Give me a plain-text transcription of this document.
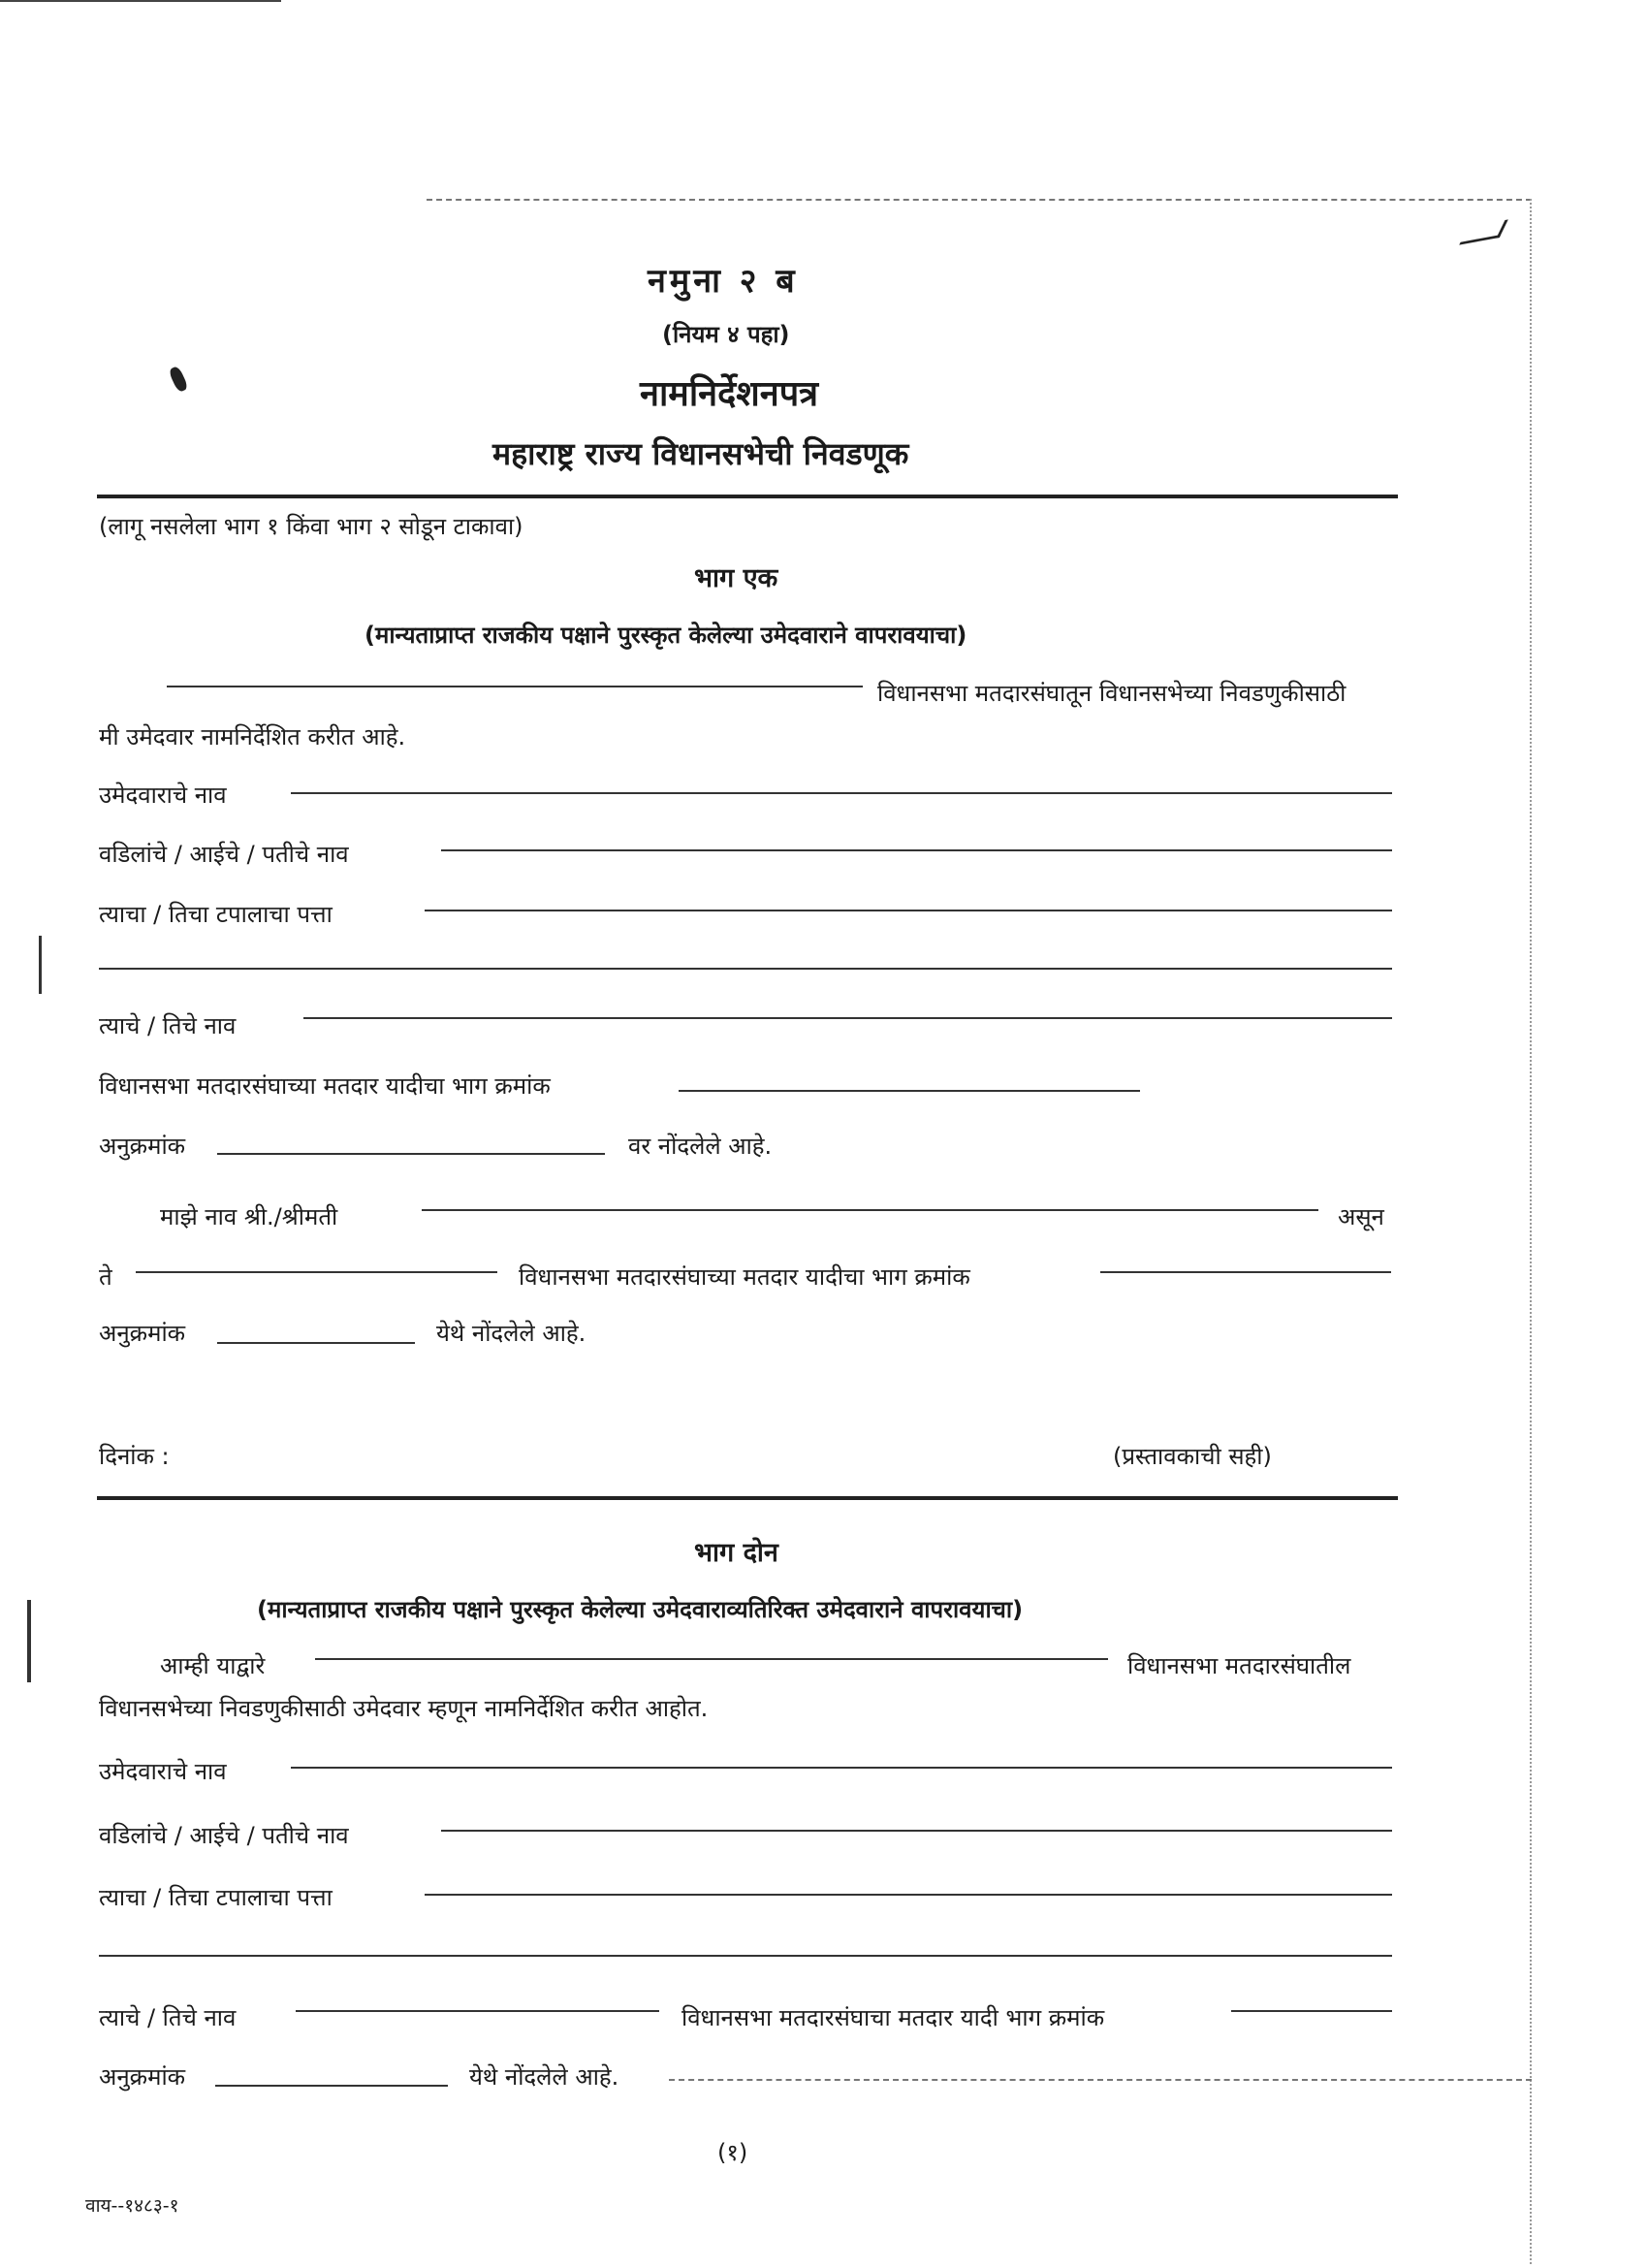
नमुना २ ब
(नियम ४ पहा)
नामनिर्देशनपत्र
महाराष्ट्र राज्य विधानसभेची निवडणूक
(लागू नसलेला भाग १ किंवा भाग २ सोडून टाकावा)
भाग एक
(मान्यताप्राप्त राजकीय पक्षाने पुरस्कृत केलेल्या उमेदवाराने वापरावयाचा)
विधानसभा मतदारसंघातून विधानसभेच्या निवडणुकीसाठी
मी उमेदवार नामनिर्देशित करीत आहे.
उमेदवाराचे नाव
वडिलांचे / आईचे / पतीचे नाव
त्याचा / तिचा टपालाचा पत्ता
त्याचे / तिचे नाव
विधानसभा मतदारसंघाच्या मतदार यादीचा भाग क्रमांक
अनुक्रमांक	वर नोंदलेले आहे.
माझे नाव श्री./श्रीमती	असून
ते	विधानसभा मतदारसंघाच्या मतदार यादीचा भाग क्रमांक
अनुक्रमांक	येथे नोंदलेले आहे.
दिनांक :	(प्रस्तावकाची सही)
भाग दोन
(मान्यताप्राप्त राजकीय पक्षाने पुरस्कृत केलेल्या उमेदवाराव्यतिरिक्त उमेदवाराने वापरावयाचा)
आम्ही याद्वारे	विधानसभा मतदारसंघातील
विधानसभेच्या निवडणुकीसाठी उमेदवार म्हणून नामनिर्देशित करीत आहोत.
उमेदवाराचे नाव
वडिलांचे / आईचे / पतीचे नाव
त्याचा / तिचा टपालाचा पत्ता
त्याचे / तिचे नाव	विधानसभा मतदारसंघाचा मतदार यादी भाग क्रमांक
अनुक्रमांक	येथे नोंदलेले आहे.
(१)
वाय--१४८३-१
